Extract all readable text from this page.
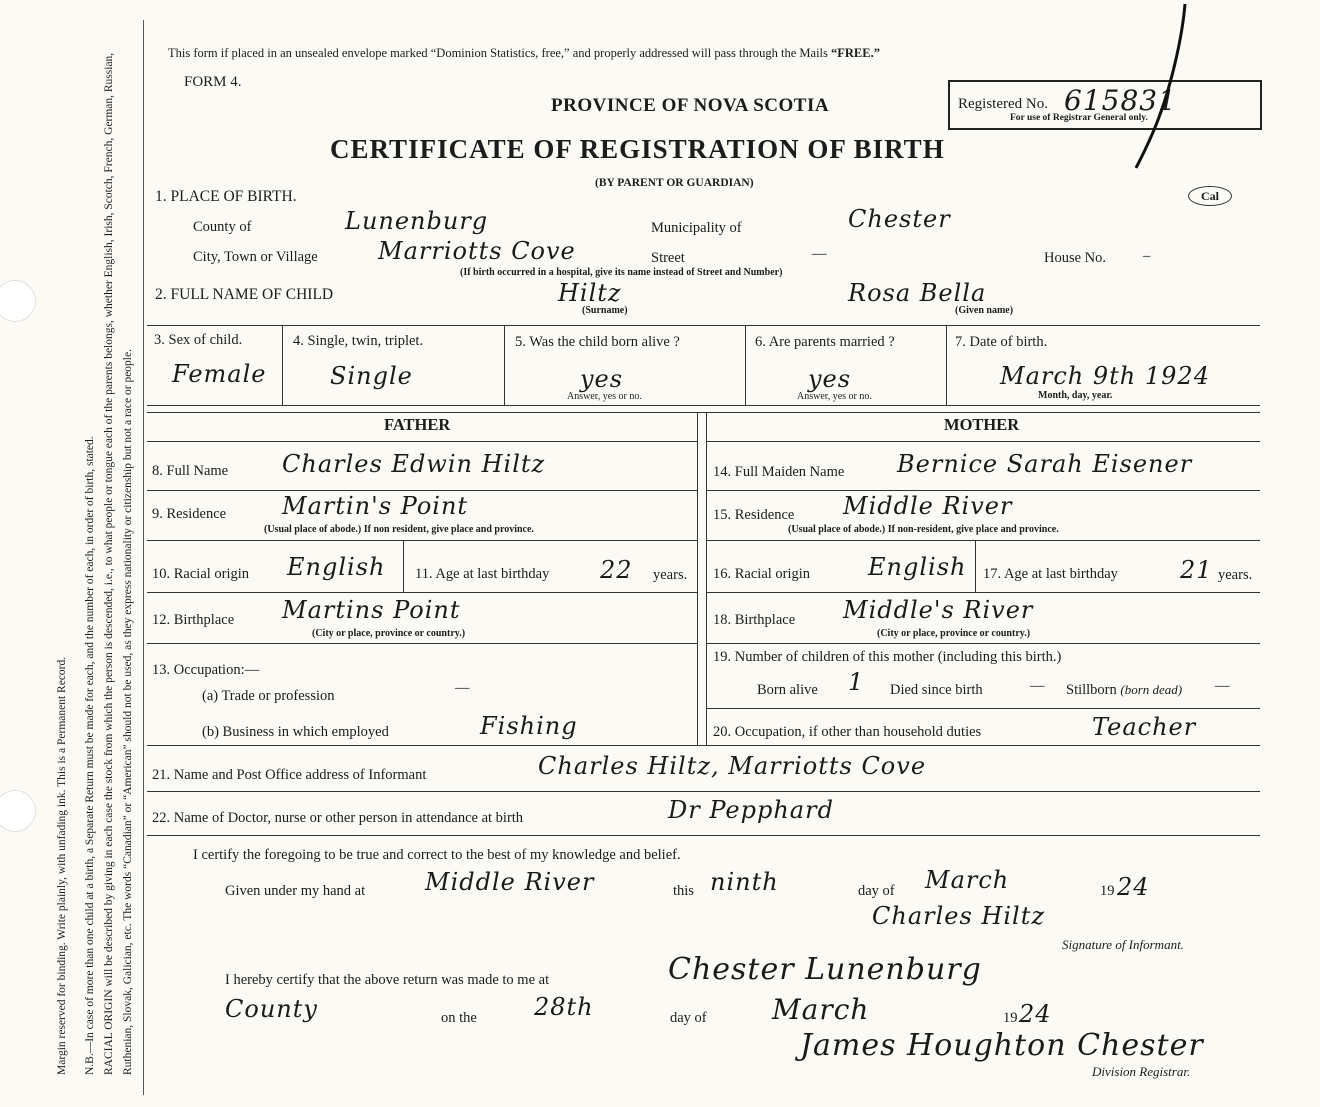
Margin reserved for binding. Write plainly, with unfading ink. This is a Permanent Record. N.B.—In case of more than one child at a birth, a Separate Return must be made for each, and the number of each, in order of birth, stated. RACIAL ORIGIN will be described by giving in each case the stock from which the person is descended, i.e., to what people or tongue each of the parents belongs, whether English, Irish, Scotch, French, German, Russian, Ruthenian, Slovak, Galician, etc. The words “Canadian” or “American” should not be used, as they express nationality or citizenship but not a race or people.
This form if placed in an unsealed envelope marked “Dominion Statistics, free,” and properly addressed will pass through the Mails “FREE.”
FORM 4.
PROVINCE OF NOVA SCOTIA
CERTIFICATE OF REGISTRATION OF BIRTH
(BY PARENT OR GUARDIAN)
Registered No. 615831
For use of Registrar General only.
Cal
1. PLACE OF BIRTH.
County of	Lunenburg	Municipality of	Chester
City, Town or Village	Marriotts Cove	Street	—	House No.	–
(If birth occurred in a hospital, give its name instead of Street and Number)
2. FULL NAME OF CHILD	Hiltz
(Surname)
Rosa Bella
(Given name)
3. Sex of child.
Female
4. Single, twin, triplet.
Single
5. Was the child born alive ?
yes
Answer, yes or no.
6. Are parents married ?
yes
Answer, yes or no.
7. Date of birth.
March 9th 1924
Month, day, year.
FATHER	MOTHER
8. Full Name Charles Edwin Hiltz
9. Residence Martin's Point
(Usual place of abode.) If non resident, give place and province.
10. Racial origin English 11. Age at last birthday 22 years.
12. Birthplace Martins Point
(City or place, province or country.)
13. Occupation:—
(a) Trade or profession	—
(b) Business in which employed	Fishing
14. Full Maiden Name Bernice Sarah Eisener
15. Residence Middle River
(Usual place of abode.) If non-resident, give place and province.
16. Racial origin English 17. Age at last birthday	21 years.
18. Birthplace Middle's River
(City or place, province or country.)
19. Number of children of this mother (including this birth.)
Born alive 1 Died since birth	— Stillborn (born dead) —
20. Occupation, if other than household duties	Teacher
21. Name and Post Office address of Informant	Charles Hiltz, Marriotts Cove
22. Name of Doctor, nurse or other person in attendance at birth	Dr Pepphard
I certify the foregoing to be true and correct to the best of my knowledge and belief.
Given under my hand at Middle River	this ninth	day of March	19 24
Charles Hiltz
Signature of Informant.
I hereby certify that the above return was made to me at	Chester Lunenburg
County	on the 28th	day of March	19 24
James Houghton Chester
Division Registrar.
